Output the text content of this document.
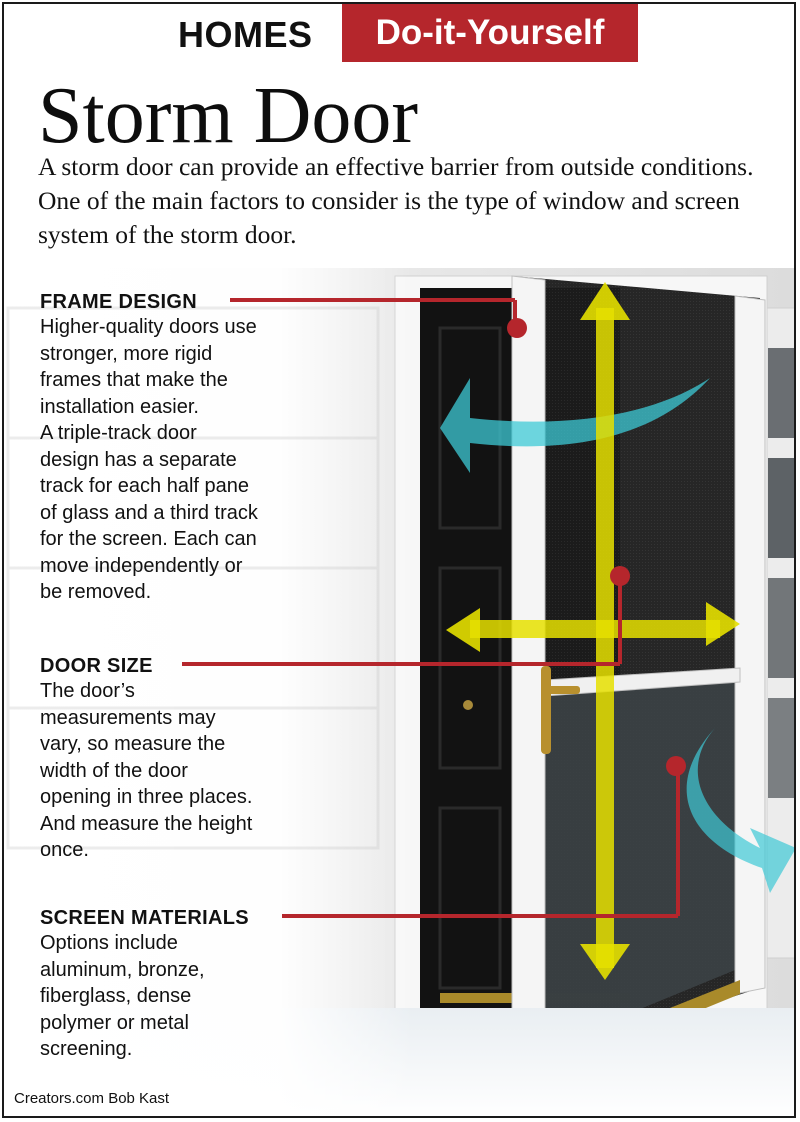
HOMES Do-it-Yourself
Storm Door
A storm door can provide an effective barrier from outside conditions. One of the main factors to consider is the type of window and screen system of the storm door.
FRAME DESIGN
Higher-quality doors use
stronger, more rigid
frames that make the
installation easier.
A triple-track door
design has a separate
track for each half pane
of glass and a third track
for the screen. Each can
move independently or
be removed.
DOOR SIZE
The door’s
measurements may
vary, so measure the
width of the door
opening in three places.
And measure the height
once.
SCREEN MATERIALS
Options include
aluminum, bronze,
fiberglass, dense
polymer or metal
screening.
Creators.com Bob Kast
